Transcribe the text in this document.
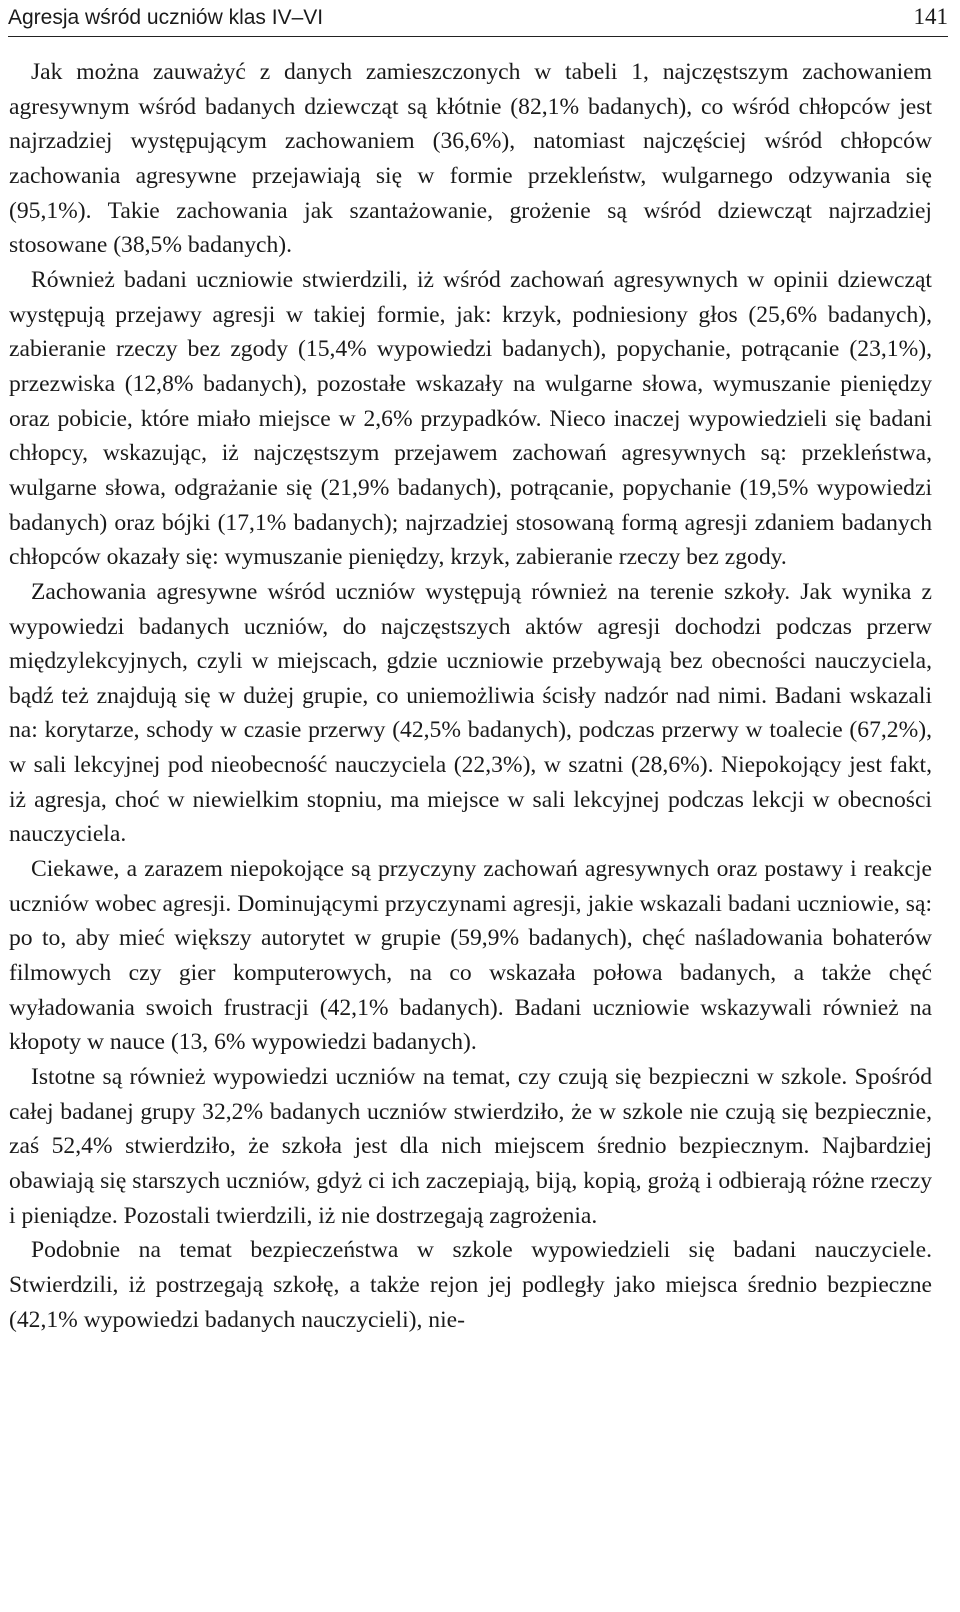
Agresja wśród uczniów klas IV–VI	141

Jak można zauważyć z danych zamieszczonych w tabeli 1, najczęstszym zachowaniem agresywnym wśród badanych dziewcząt są kłótnie (82,1% badanych), co wśród chłopców jest najrzadziej występującym zachowaniem (36,6%), natomiast najczęściej wśród chłopców zachowania agresywne przejawiają się w formie przekleństw, wulgarnego odzywania się (95,1%). Takie zachowania jak szantażowanie, grożenie są wśród dziewcząt najrzadziej stosowane (38,5% badanych).

Również badani uczniowie stwierdzili, iż wśród zachowań agresywnych w opinii dziewcząt występują przejawy agresji w takiej formie, jak: krzyk, podniesiony głos (25,6% badanych), zabieranie rzeczy bez zgody (15,4% wypowiedzi badanych), popychanie, potrącanie (23,1%), przezwiska (12,8% badanych), pozostałe wskazały na wulgarne słowa, wymuszanie pieniędzy oraz pobicie, które miało miejsce w 2,6% przypadków. Nieco inaczej wypowiedzieli się badani chłopcy, wskazując, iż najczęstszym przejawem zachowań agresywnych są: przekleństwa, wulgarne słowa, odgrażanie się (21,9% badanych), potrącanie, popychanie (19,5% wypowiedzi badanych) oraz bójki (17,1% badanych); najrzadziej stosowaną formą agresji zdaniem badanych chłopców okazały się: wymuszanie pieniędzy, krzyk, zabieranie rzeczy bez zgody.

Zachowania agresywne wśród uczniów występują również na terenie szkoły. Jak wynika z wypowiedzi badanych uczniów, do najczęstszych aktów agresji dochodzi podczas przerw międzylekcyjnych, czyli w miejscach, gdzie uczniowie przebywają bez obecności nauczyciela, bądź też znajdują się w dużej grupie, co uniemożliwia ścisły nadzór nad nimi. Badani wskazali na: korytarze, schody w czasie przerwy (42,5% badanych), podczas przerwy w toalecie (67,2%), w sali lekcyjnej pod nieobecność nauczyciela (22,3%), w szatni (28,6%). Niepokojący jest fakt, iż agresja, choć w niewielkim stopniu, ma miejsce w sali lekcyjnej podczas lekcji w obecności nauczyciela.

Ciekawe, a zarazem niepokojące są przyczyny zachowań agresywnych oraz postawy i reakcje uczniów wobec agresji. Dominującymi przyczynami agresji, jakie wskazali badani uczniowie, są: po to, aby mieć większy autorytet w grupie (59,9% badanych), chęć naśladowania bohaterów filmowych czy gier komputerowych, na co wskazała połowa badanych, a także chęć wyładowania swoich frustracji (42,1% badanych). Badani uczniowie wskazywali również na kłopoty w nauce (13, 6% wypowiedzi badanych).

Istotne są również wypowiedzi uczniów na temat, czy czują się bezpieczni w szkole. Spośród całej badanej grupy 32,2% badanych uczniów stwierdziło, że w szkole nie czują się bezpiecznie, zaś 52,4% stwierdziło, że szkoła jest dla nich miejscem średnio bezpiecznym. Najbardziej obawiają się starszych uczniów, gdyż ci ich zaczepiają, biją, kopią, grożą i odbierają różne rzeczy i pieniądze. Pozostali twierdzili, iż nie dostrzegają zagrożenia.

Podobnie na temat bezpieczeństwa w szkole wypowiedzieli się badani nauczyciele. Stwierdzili, iż postrzegają szkołę, a także rejon jej podległy jako miejsca średnio bezpieczne (42,1% wypowiedzi badanych nauczycieli), nie-
